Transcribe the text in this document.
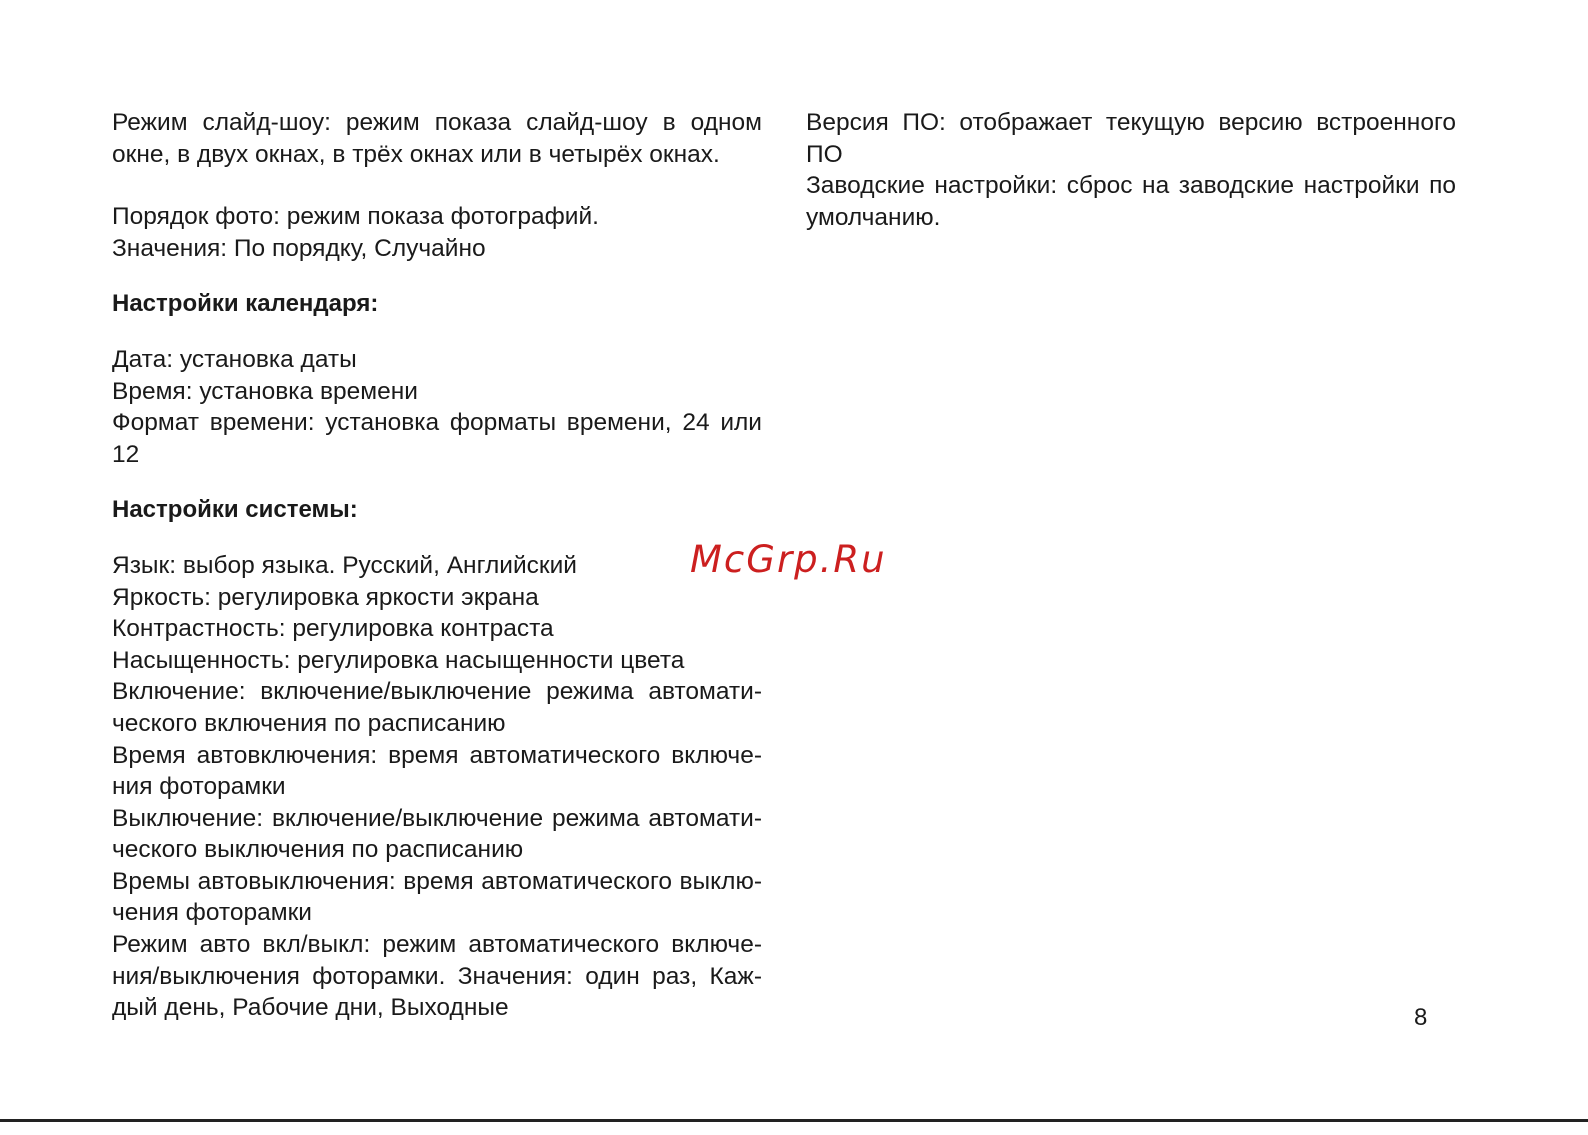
Режим слайд-шоу: режим показа слайд-шоу в одном окне, в двух окнах, в трёх окнах или в четырёх окнах.

Порядок фото: режим показа фотографий.

Значения: По порядку, Случайно

Настройки календаря:

Дата: установка даты

Время: установка времени

Формат времени: установка форматы времени, 24 или 12

Настройки системы:

Язык: выбор языка. Русский, Английский

Яркость: регулировка яркости экрана

Контрастность: регулировка контраста

Насыщенность: регулировка насыщенности цвета

Включение: включение/выключение режима автоматического включения по расписанию

Время автовключения: время автоматического включения фоторамки

Выключение: включение/выключение режима автоматического выключения по расписанию

Времы автовыключения: время автоматического выключения фоторамки

Режим авто вкл/выкл: режим автоматического включения/выключения фоторамки. Значения: один раз, Каждый день, Рабочие дни, Выходные

Версия ПО: отображает текущую версию встроенного ПО

Заводские настройки: сброс на заводские настройки по умолчанию.

McGrp.Ru
8
